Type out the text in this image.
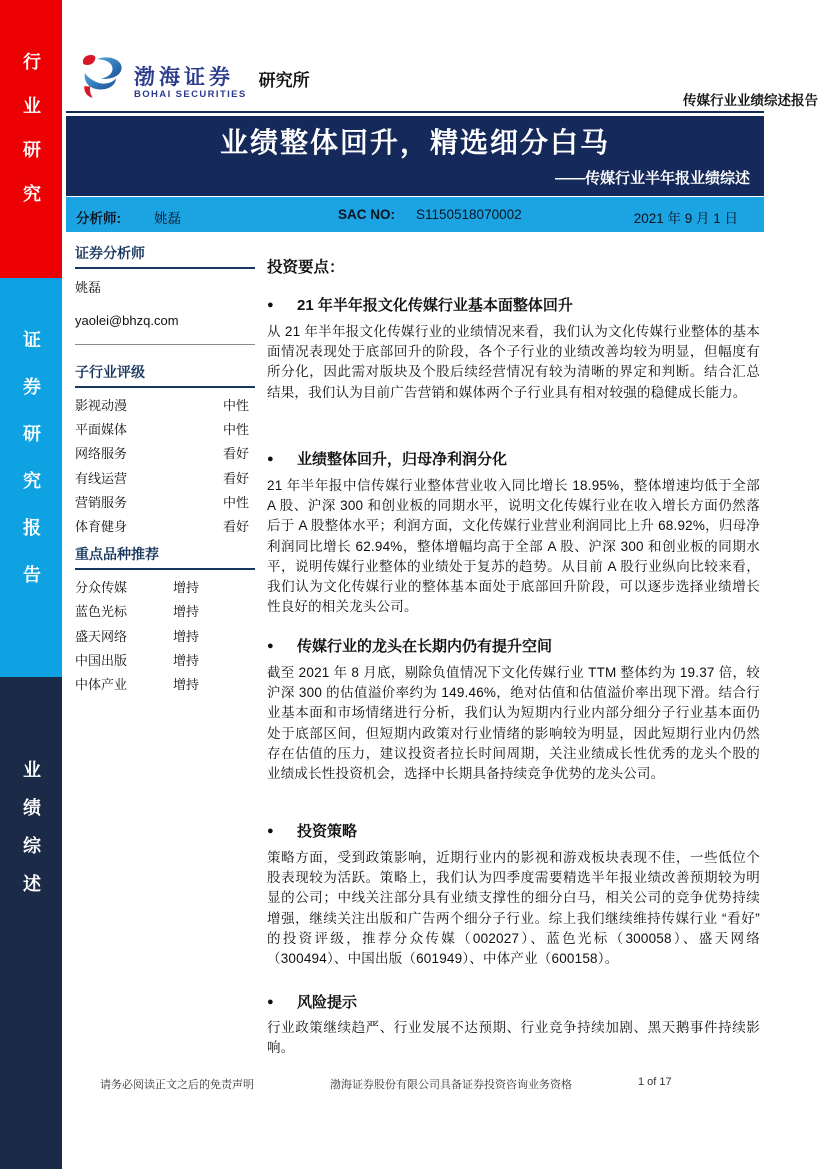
行业研究
证券研究报告
业绩综述
渤海证券
BOHAI SECURITIES
研究所
传媒行业业绩综述报告
业绩整体回升，精选细分白马
——传媒行业半年报业绩综述
分析师: 姚磊	SAC NO: S1150518070002	2021 年 9 月 1 日
证券分析师
姚磊
yaolei@bhzq.com
子行业评级
影视动漫	中性
平面媒体	中性
网络服务	看好
有线运营	看好
营销服务	中性
体育健身	看好
重点品种推荐
分众传媒	增持
蓝色光标	增持
盛天网络	增持
中国出版	增持
中体产业	增持
投资要点：
●	21 年半年报文化传媒行业基本面整体回升
从 21 年半年报文化传媒行业的业绩情况来看，我们认为文化传媒行业整体的基本面情况表现处于底部回升的阶段，各个子行业的业绩改善均较为明显，但幅度有所分化，因此需对版块及个股后续经营情况有较为清晰的界定和判断。结合汇总结果，我们认为目前广告营销和媒体两个子行业具有相对较强的稳健成长能力。
●	业绩整体回升，归母净利润分化
21 年半年报中信传媒行业整体营业收入同比增长 18.95%，整体增速均低于全部 A 股、沪深 300 和创业板的同期水平，说明文化传媒行业在收入增长方面仍然落后于 A 股整体水平；利润方面，文化传媒行业营业利润同比上升 68.92%，归母净利润同比增长 62.94%，整体增幅均高于全部 A 股、沪深 300 和创业板的同期水平，说明传媒行业整体的业绩处于复苏的趋势。从目前 A 股行业纵向比较来看，我们认为文化传媒行业的整体基本面处于底部回升阶段，可以逐步选择业绩增长性良好的相关龙头公司。
●	传媒行业的龙头在长期内仍有提升空间
截至 2021 年 8 月底，剔除负值情况下文化传媒行业 TTM 整体约为 19.37 倍，较沪深 300 的估值溢价率约为 149.46%，绝对估值和估值溢价率出现下滑。结合行业基本面和市场情绪进行分析，我们认为短期内行业内部分细分子行业基本面仍处于底部区间，但短期内政策对行业情绪的影响较为明显，因此短期行业内仍然存在估值的压力，建议投资者拉长时间周期，关注业绩成长性优秀的龙头个股的业绩成长性投资机会，选择中长期具备持续竞争优势的龙头公司。
●	投资策略
策略方面，受到政策影响，近期行业内的影视和游戏板块表现不佳，一些低位个股表现较为活跃。策略上，我们认为四季度需要精选半年报业绩改善预期较为明显的公司；中线关注部分具有业绩支撑性的细分白马，相关公司的竞争优势持续增强，继续关注出版和广告两个细分子行业。综上我们继续维持传媒行业 “看好” 的投资评级，推荐分众传媒（002027）、蓝色光标（300058）、盛天网络（300494）、中国出版（601949）、中体产业（600158）。
●	风险提示
行业政策继续趋严、行业发展不达预期、行业竞争持续加剧、黑天鹅事件持续影响。
请务必阅读正文之后的免责声明	渤海证券股份有限公司具备证券投资咨询业务资格	1 of 17
